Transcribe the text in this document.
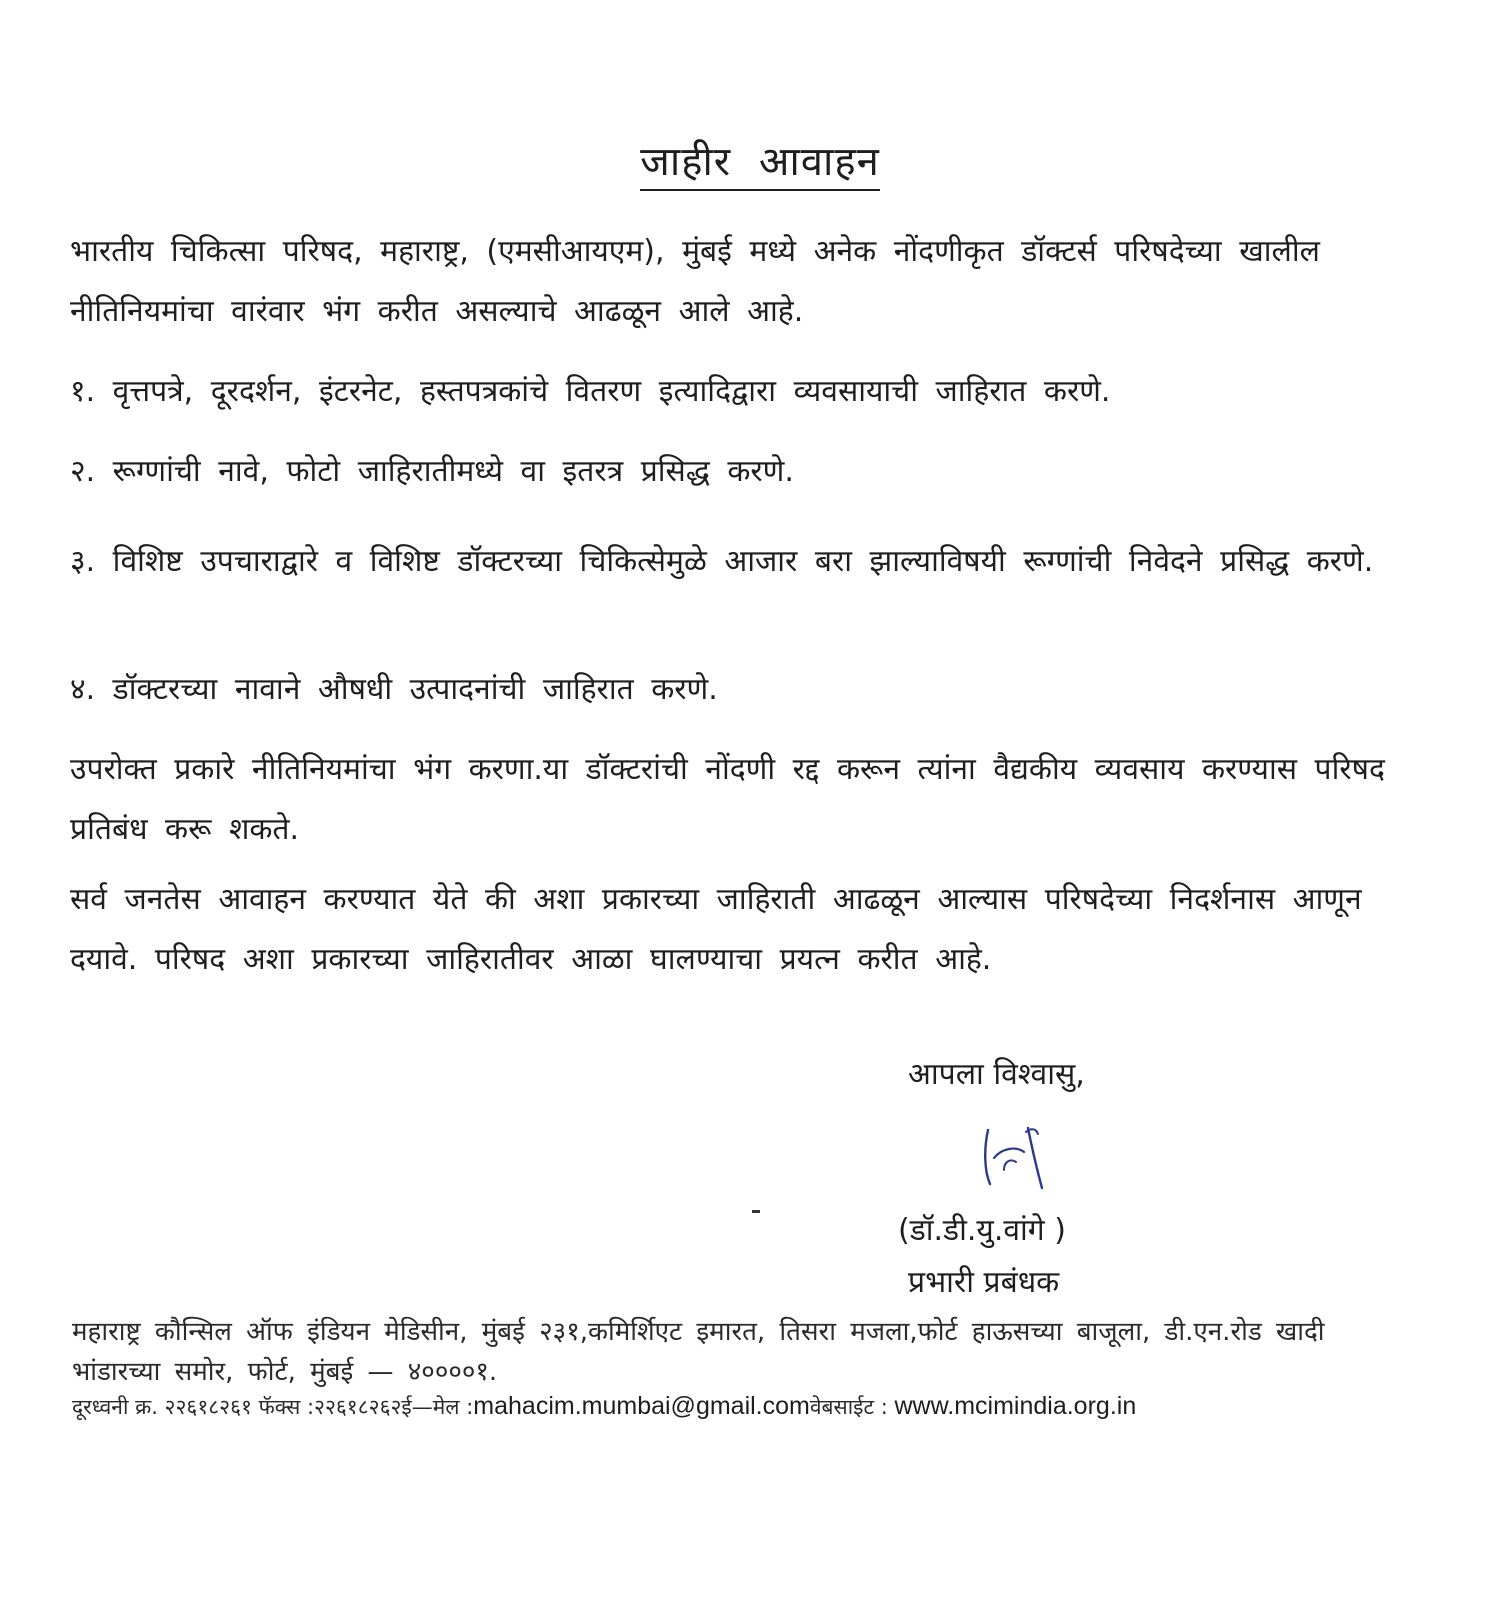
जाहीर आवाहन

भारतीय चिकित्सा परिषद, महाराष्ट्र, (एमसीआयएम), मुंबई मध्ये अनेक नोंदणीकृत डॉक्टर्स परिषदेच्या खालील नीतिनियमांचा वारंवार भंग करीत असल्याचे आढळून आले आहे.

१. वृत्तपत्रे, दूरदर्शन, इंटरनेट, हस्तपत्रकांचे वितरण इत्यादिद्वारा व्यवसायाची जाहिरात करणे.

२. रूग्णांची नावे, फोटो जाहिरातीमध्ये वा इतरत्र प्रसिद्ध करणे.

३. विशिष्ट उपचाराद्वारे व विशिष्ट डॉक्टरच्या चिकित्सेमुळे आजार बरा झाल्याविषयी रूग्णांची निवेदने प्रसिद्ध करणे.

४. डॉक्टरच्या नावाने औषधी उत्पादनांची जाहिरात करणे.

उपरोक्त प्रकारे नीतिनियमांचा भंग करणा.या डॉक्टरांची नोंदणी रद्द करून त्यांना वैद्यकीय व्यवसाय करण्यास परिषद प्रतिबंध करू शकते.

सर्व जनतेस आवाहन करण्यात येते की अशा प्रकारच्या जाहिराती आढळून आल्यास परिषदेच्या निदर्शनास आणून दयावे. परिषद अशा प्रकारच्या जाहिरातीवर आळा घालण्याचा प्रयत्न करीत आहे.

आपला विश्वासु,
(डॉ.डी.यु.वांगे )
प्रभारी प्रबंधक

महाराष्ट्र कौन्सिल ऑफ इंडियन मेडिसीन, मुंबई २३१,कमिर्शिएट इमारत, तिसरा मजला,फोर्ट हाऊसच्या बाजूला, डी.एन.रोड खादी भांडारच्या समोर, फोर्ट, मुंबई — ४००००१.

दूरध्वनी क्र. २२६१८२६१ फॅक्स :२२६१८२६२ई—मेल :mahacim.mumbai@gmail.comवेबसाईट : www.mcimindia.org.in
